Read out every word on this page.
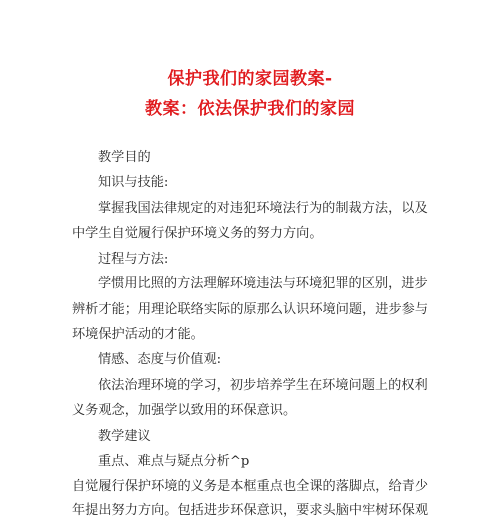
保护我们的家园教案-
教案：依法保护我们的家园
教学目的
知识与技能:
掌握我国法律规定的对违犯环境法行为的制裁方法，以及
中学生自觉履行保护环境义务的努力方向。
过程与方法:
学惯用比照的方法理解环境违法与环境犯罪的区别，进步
辨析才能；用理论联络实际的原那么认识环境问题，进步参与
环境保护活动的才能。
情感、态度与价值观:
依法治理环境的学习，初步培养学生在环境问题上的权利
义务观念，加强学以致用的环保意识。
教学建议
重点、难点与疑点分析^p
自觉履行保护环境的义务是本框重点也全课的落脚点，给青少
年提出努力方向。包括进步环保意识，要求头脑中牢树环保观
